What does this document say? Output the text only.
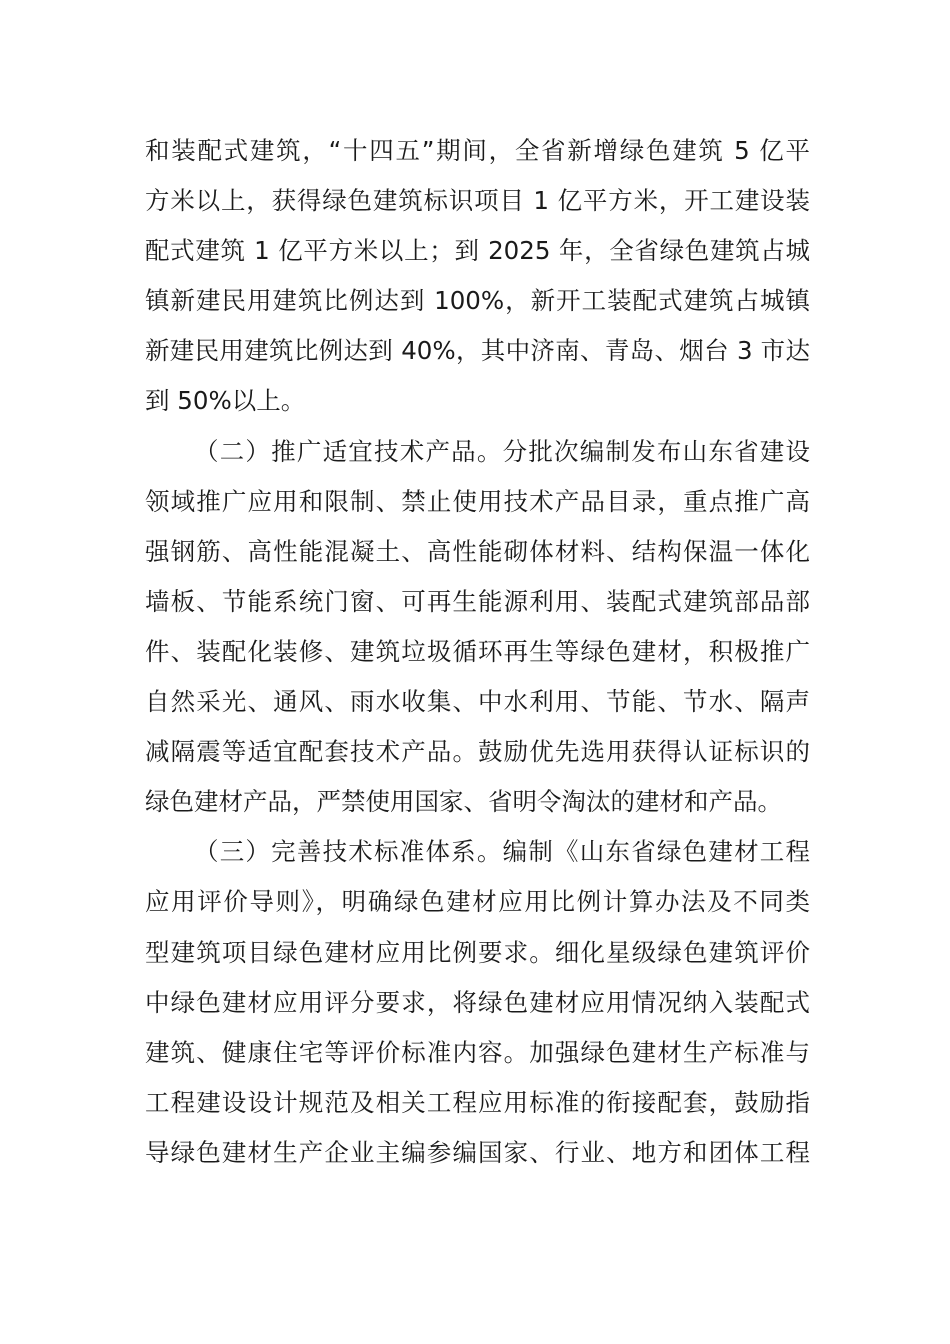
和装配式建筑，“十四五”期间，全省新增绿色建筑 5 亿平
方米以上，获得绿色建筑标识项目 1 亿平方米，开工建设装
配式建筑 1 亿平方米以上；到 2025 年，全省绿色建筑占城
镇新建民用建筑比例达到 100%，新开工装配式建筑占城镇
新建民用建筑比例达到 40%，其中济南、青岛、烟台 3 市达
到 50%以上。
（二）推广适宜技术产品。分批次编制发布山东省建设
领域推广应用和限制、禁止使用技术产品目录，重点推广高
强钢筋、高性能混凝土、高性能砌体材料、结构保温一体化
墙板、节能系统门窗、可再生能源利用、装配式建筑部品部
件、装配化装修、建筑垃圾循环再生等绿色建材，积极推广
自然采光、通风、雨水收集、中水利用、节能、节水、隔声
减隔震等适宜配套技术产品。鼓励优先选用获得认证标识的
绿色建材产品，严禁使用国家、省明令淘汰的建材和产品。
（三）完善技术标准体系。编制《山东省绿色建材工程
应用评价导则》，明确绿色建材应用比例计算办法及不同类
型建筑项目绿色建材应用比例要求。细化星级绿色建筑评价
中绿色建材应用评分要求，将绿色建材应用情况纳入装配式
建筑、健康住宅等评价标准内容。加强绿色建材生产标准与
工程建设设计规范及相关工程应用标准的衔接配套，鼓励指
导绿色建材生产企业主编参编国家、行业、地方和团体工程
